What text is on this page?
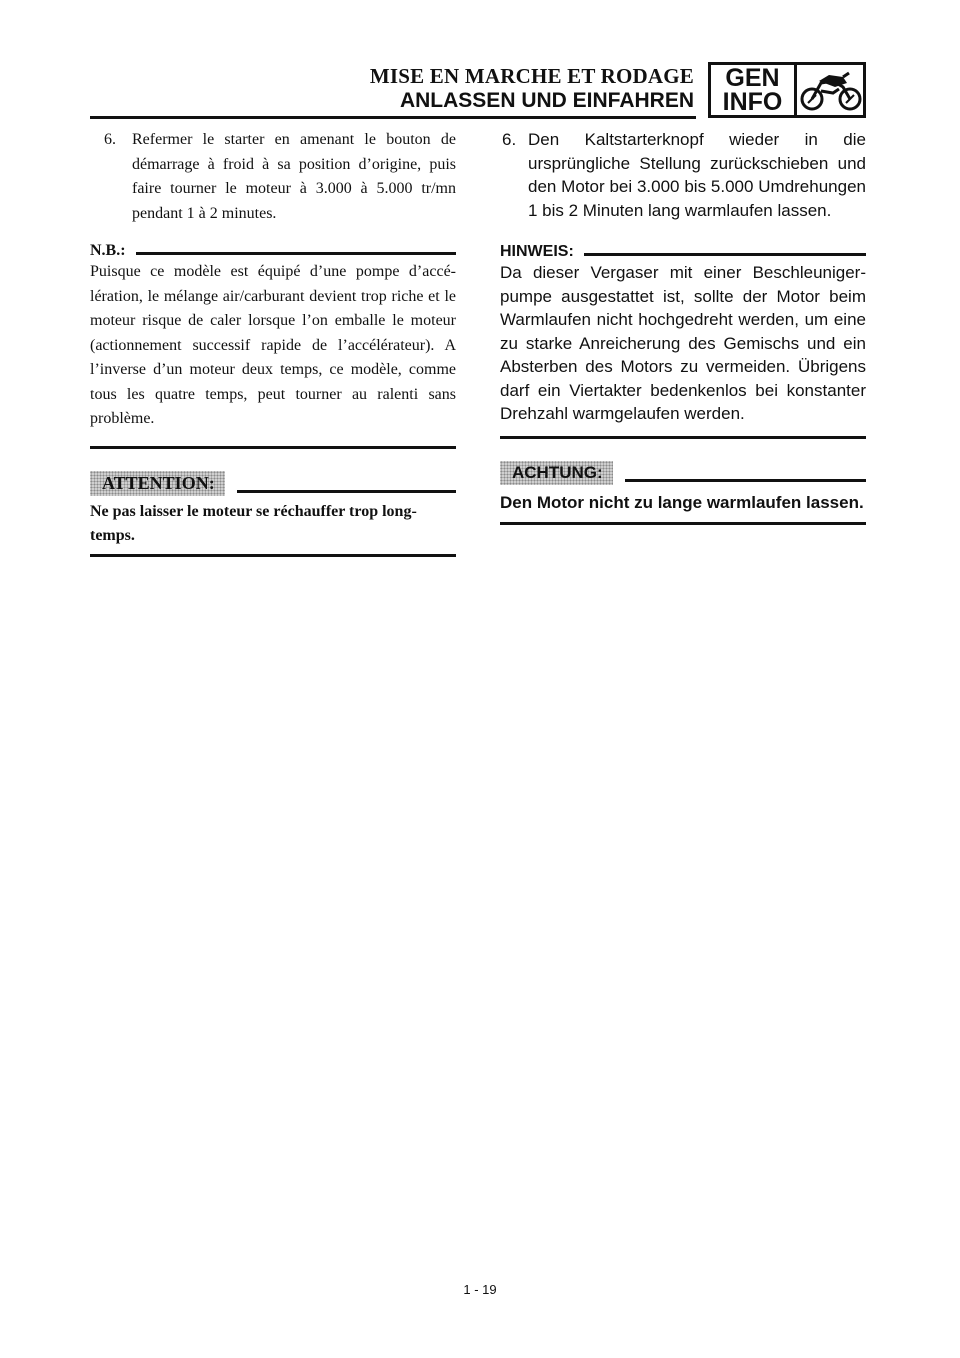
MISE EN MARCHE ET RODAGE
ANLASSEN UND EINFAHREN
GEN
INFO
6.	Refermer le starter en amenant le bouton de démarrage à froid à sa position d’origine, puis faire tourner le moteur à 3.000 à 5.000 tr/mn pendant 1 à 2 minutes.
N.B.:
Puisque ce modèle est équipé d’une pompe d’accélération, le mélange air/carburant devient trop riche et le moteur risque de caler lorsque l’on emballe le moteur (actionnement successif rapide de l’accélérateur). A l’inverse d’un moteur deux temps, ce modèle, comme tous les quatre temps, peut tourner au ralenti sans problème.
ATTENTION:
Ne pas laisser le moteur se réchauffer trop longtemps.
6. Den Kaltstarterknopf wieder in die ursprüngliche Stellung zurückschieben und den Motor bei 3.000 bis 5.000 Umdrehungen 1 bis 2 Minuten lang warmlaufen lassen.
HINWEIS:
Da dieser Vergaser mit einer Beschleunigerpumpe ausgestattet ist, sollte der Motor beim Warmlaufen nicht hochgedreht werden, um eine zu starke Anreicherung des Gemischs und ein Absterben des Motors zu vermeiden. Übrigens darf ein Viertakter bedenkenlos bei konstanter Drehzahl warmgelaufen werden.
ACHTUNG:
Den Motor nicht zu lange warmlaufen lassen.
1 - 19
